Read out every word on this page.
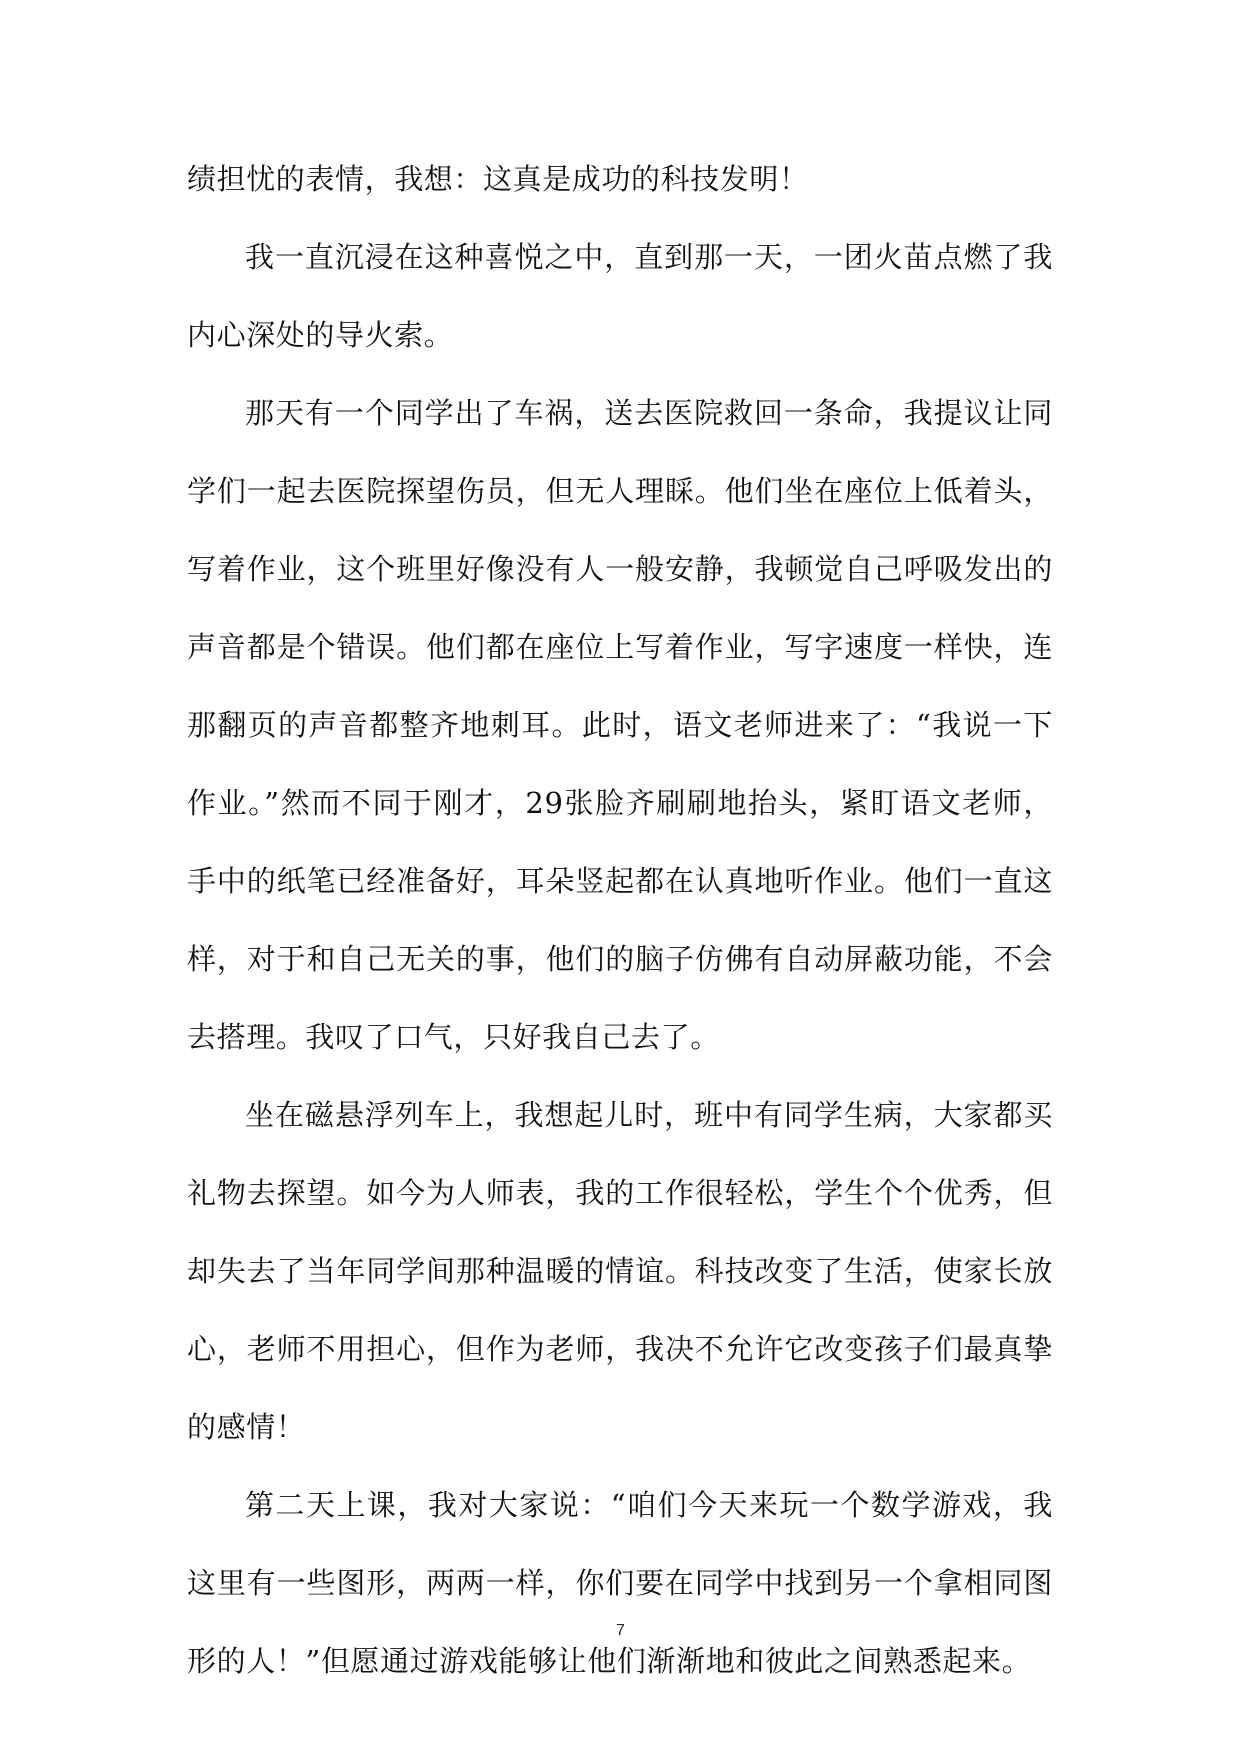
绩担忧的表情，我想：这真是成功的科技发明！

我一直沉浸在这种喜悦之中，直到那一天，一团火苗点燃了我内心深处的导火索。

那天有一个同学出了车祸，送去医院救回一条命，我提议让同学们一起去医院探望伤员，但无人理睬。他们坐在座位上低着头，写着作业，这个班里好像没有人一般安静，我顿觉自己呼吸发出的声音都是个错误。他们都在座位上写着作业，写字速度一样快，连那翻页的声音都整齐地刺耳。此时，语文老师进来了：“我说一下作业。”然而不同于刚才，29张脸齐刷刷地抬头，紧盯语文老师，手中的纸笔已经准备好，耳朵竖起都在认真地听作业。他们一直这样，对于和自己无关的事，他们的脑子仿佛有自动屏蔽功能，不会去搭理。我叹了口气，只好我自己去了。

坐在磁悬浮列车上，我想起儿时，班中有同学生病，大家都买礼物去探望。如今为人师表，我的工作很轻松，学生个个优秀，但却失去了当年同学间那种温暖的情谊。科技改变了生活，使家长放心，老师不用担心，但作为老师，我决不允许它改变孩子们最真挚的感情！

第二天上课，我对大家说：“咱们今天来玩一个数学游戏，我这里有一些图形，两两一样，你们要在同学中找到另一个拿相同图形的人！”但愿通过游戏能够让他们渐渐地和彼此之间熟悉起来。

7
